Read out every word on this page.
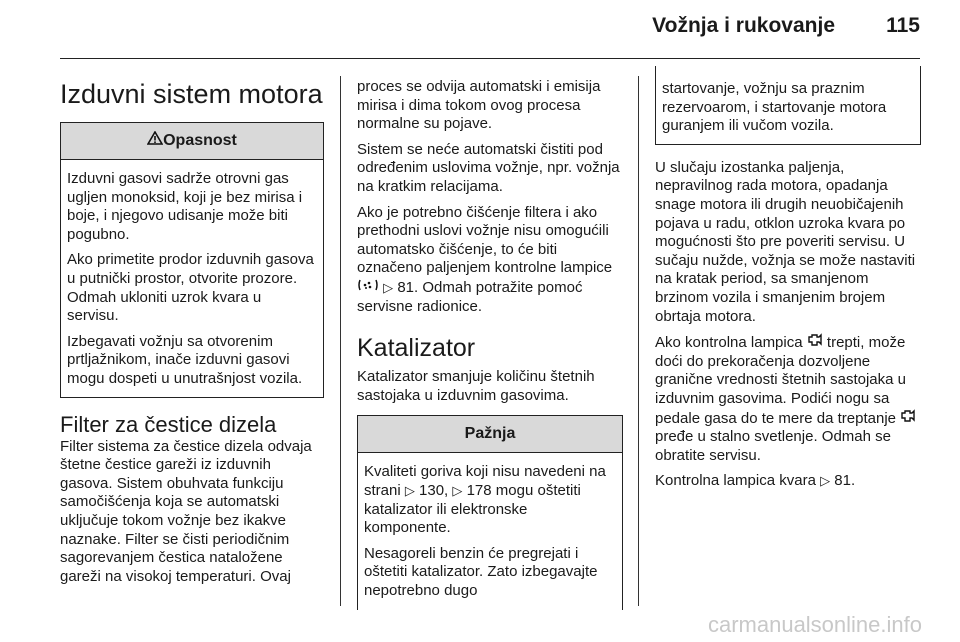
Vožnja i rukovanje 115
Izduvni sistem motora
Opasnost

Izduvni gasovi sadrže otrovni gas ugljen monoksid, koji je bez mirisa i boje, i njegovo udisanje može biti pogubno.

Ako primetite prodor izduvnih gasova u putnički prostor, otvorite prozore. Odmah ukloniti uzrok kvara u servisu.

Izbegavati vožnju sa otvorenim prtljažnikom, inače izduvni gasovi mogu dospeti u unutrašnjost vozila.

Filter za čestice dizela

Filter sistema za čestice dizela odvaja štetne čestice gareži iz izduvnih gasova. Sistem obuhvata funkciju samočišćenja koja se automatski uključuje tokom vožnje bez ikakve naznake. Filter se čisti periodičnim sagorevanjem čestica nataložene gareži na visokoj temperaturi. Ovaj

proces se odvija automatski i emisija mirisa i dima tokom ovog procesa normalne su pojave.

Sistem se neće automatski čistiti pod određenim uslovima vožnje, npr. vožnja na kratkim relacijama.

Ako je potrebno čišćenje filtera i ako prethodni uslovi vožnje nisu omogućili automatsko čišćenje, to će biti označeno paljenjem kontrolne lampice  ▷ 81. Odmah potražite pomoć servisne radionice.

Katalizator

Katalizator smanjuje količinu štetnih sastojaka u izduvnim gasovima.

Pažnja

Kvaliteti goriva koji nisu navedeni na strani ▷ 130, ▷ 178 mogu oštetiti katalizator ili elektronske komponente.

Nesagoreli benzin će pregrejati i oštetiti katalizator. Zato izbegavajte nepotrebno dugo

startovanje, vožnju sa praznim rezervoarom, i startovanje motora guranjem ili vučom vozila.

U slučaju izostanka paljenja, nepravilnog rada motora, opadanja snage motora ili drugih neuobičajenih pojava u radu, otklon uzroka kvara po mogućnosti što pre poveriti servisu. U sučaju nužde, vožnja se može nastaviti na kratak period, sa smanjenom brzinom vozila i smanjenim brojem obrtaja motora.

Ako kontrolna lampica trepti, može doći do prekoračenja dozvoljene granične vrednosti štetnih sastojaka u izduvnim gasovima. Podići nogu sa pedale gasa do te mere da treptanje  pređe u stalno svetlenje. Odmah se obratite servisu.

Kontrolna lampica kvara ▷ 81.

carmanualsonline.info
